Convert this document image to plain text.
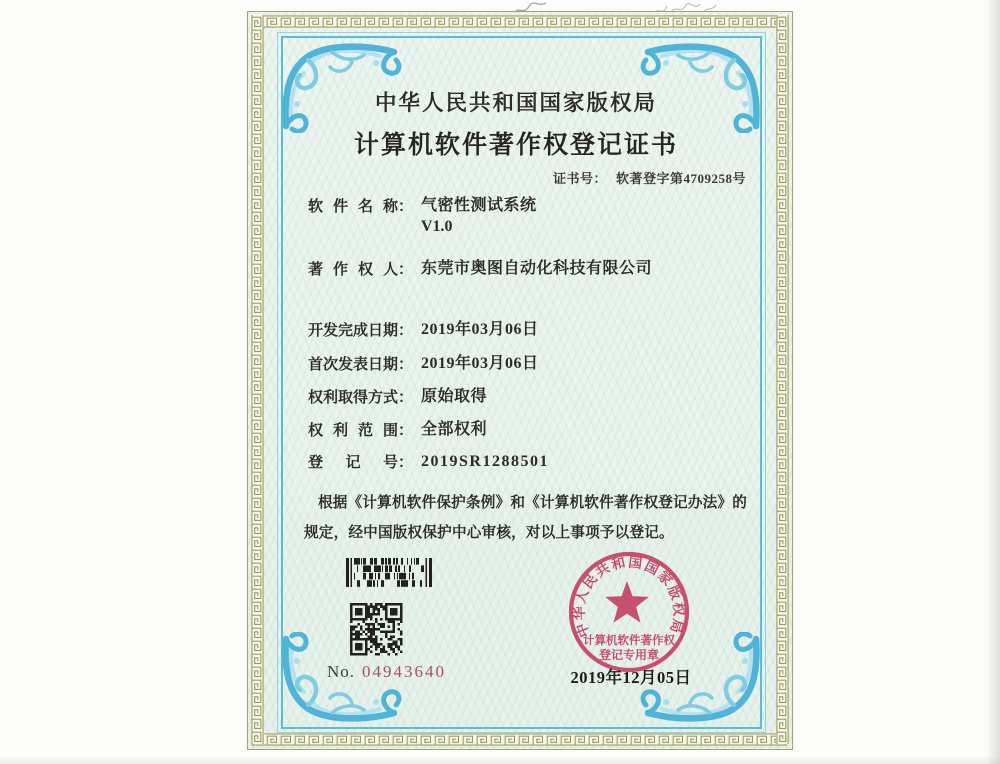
中华人民共和国国家版权局
计算机软件著作权登记证书
证书号： 软著登字第4709258号
软件名称 ： 气密性测试系统
V1.0
著作权人 ： 东莞市奥图自动化科技有限公司
开发完成日期 ： 2019年03月06日
首次发表日期 ： 2019年03月06日
权利取得方式 ： 原始取得
权利范围 ： 全部权利
登记号 ： 2019SR1288501
根据《计算机软件保护条例》和《计算机软件著作权登记办法》的
规定，经中国版权保护中心审核，对以上事项予以登记。
No. 04943640
中华人民共和国国家版权局
计算机软件著作权
登记专用章
2019年12月05日
